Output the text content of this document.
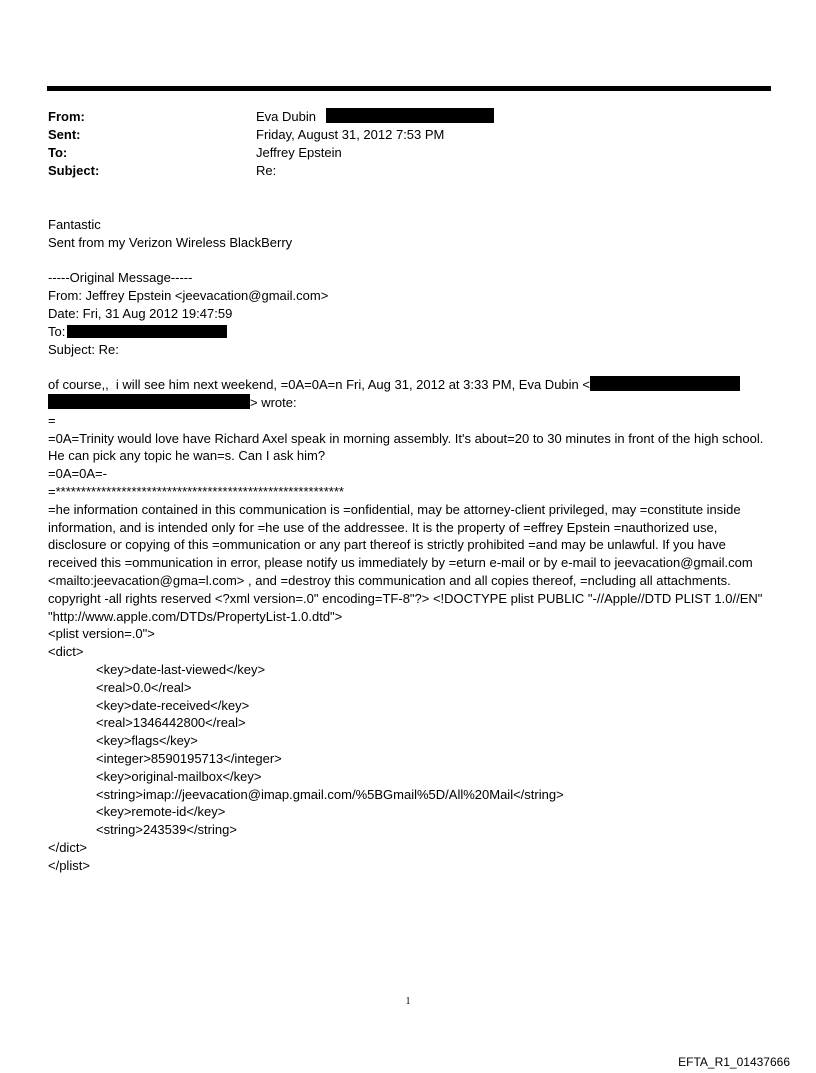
From:	Eva Dubin
Sent:	Friday, August 31, 2012 7:53 PM
To:	Jeffrey Epstein
Subject:	Re:
Fantastic
Sent from my Verizon Wireless BlackBerry
-----Original Message-----
From: Jeffrey Epstein <jeevacation@gmail.com>
Date: Fri, 31 Aug 2012 19:47:59
To:
Subject: Re:
of course,,  i will see him next weekend, =0A=0A=n Fri, Aug 31, 2012 at 3:33 PM, Eva Dubin <
> wrote:
=
=0A=Trinity would love have Richard Axel speak in morning assembly. It's about=20 to 30 minutes in front of the high school. He can pick any topic he wan=s. Can I ask him?
=0A=0A=-
=*********************************************************
=he information contained in this communication is =onfidential, may be attorney-client privileged, may =constitute inside information, and is intended only for =he use of the addressee. It is the property of =effrey Epstein =nauthorized use, disclosure or copying of this =ommunication or any part thereof is strictly prohibited =and may be unlawful. If you have received this =ommunication in error, please notify us immediately by =eturn e-mail or by e-mail to jeevacation@gmail.com <mailto:jeevacation@gma=l.com> , and =destroy this communication and all copies thereof, =ncluding all attachments. copyright -all rights reserved <?xml version=.0" encoding=TF-8"?> <!DOCTYPE plist PUBLIC "-//Apple//DTD PLIST 1.0//EN" "http://www.apple.com/DTDs/PropertyList-1.0.dtd">
<plist version=.0">
<dict>
<key>date-last-viewed</key>
<real>0.0</real>
<key>date-received</key>
<real>1346442800</real>
<key>flags</key>
<integer>8590195713</integer>
<key>original-mailbox</key>
<string>imap://jeevacation@imap.gmail.com/%5BGmail%5D/All%20Mail</string>
<key>remote-id</key>
<string>243539</string>
</dict>
</plist>
1
EFTA_R1_01437666
